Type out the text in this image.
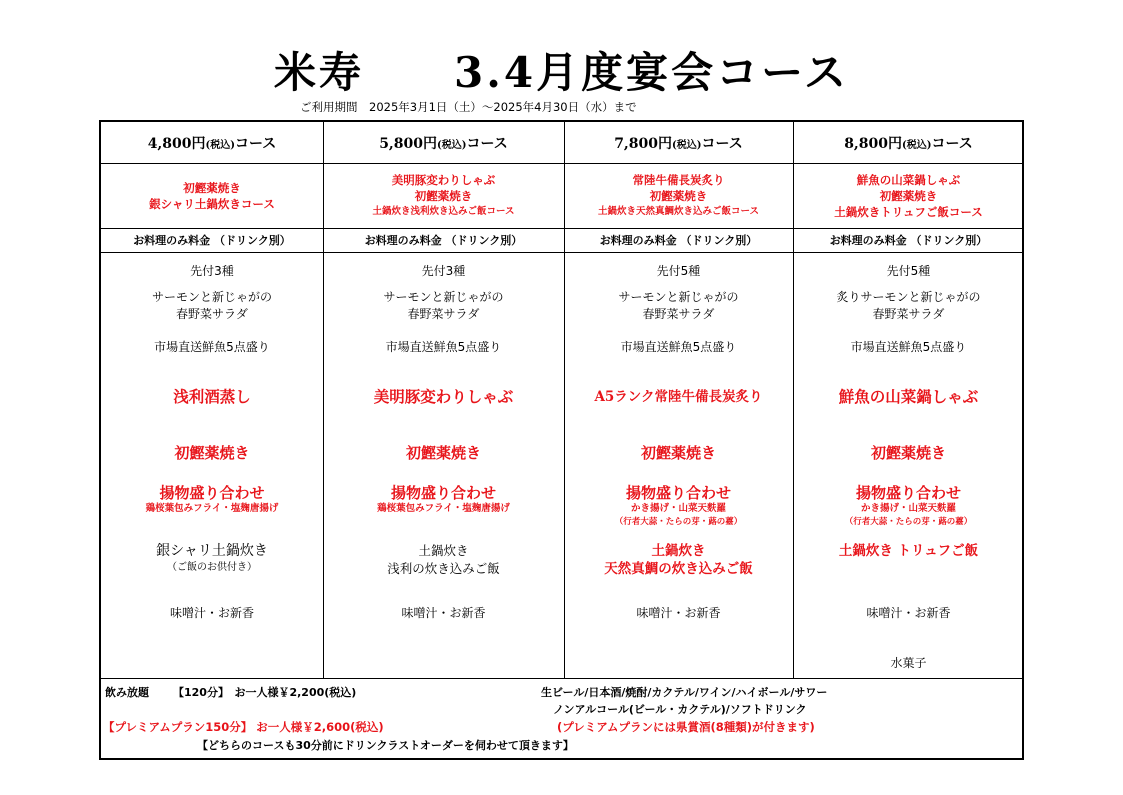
米寿　　3.4月度宴会コース
ご利用期間　2025年3月1日（土）～2025年4月30日（水）まで
4,800円(税込)コース
初鰹薬焼き
銀シャリ土鍋炊きコース
お料理のみ料金 （ドリンク別）
先付3種
サーモンと新じゃがの
春野菜サラダ
市場直送鮮魚5点盛り
浅利酒蒸し
初鰹薬焼き
揚物盛り合わせ
鶏桜葉包みフライ・塩麹唐揚げ
銀シャリ土鍋炊き
（ご飯のお供付き）
味噌汁・お新香
5,800円(税込)コース
美明豚変わりしゃぶ
初鰹薬焼き
土鍋炊き浅利炊き込みご飯コース
お料理のみ料金 （ドリンク別）
先付3種
サーモンと新じゃがの
春野菜サラダ
市場直送鮮魚5点盛り
美明豚変わりしゃぶ
初鰹薬焼き
揚物盛り合わせ
鶏桜葉包みフライ・塩麹唐揚げ
土鍋炊き
浅利の炊き込みご飯
味噌汁・お新香
7,800円(税込)コース
常陸牛備長炭炙り
初鰹薬焼き
土鍋炊き天然真鯛炊き込みご飯コース
お料理のみ料金 （ドリンク別）
先付5種
サーモンと新じゃがの
春野菜サラダ
市場直送鮮魚5点盛り
A5ランク常陸牛備長炭炙り
初鰹薬焼き
揚物盛り合わせ
かき揚げ・山菜天麩羅
（行者大蒜・たらの芽・蕗の薹）
土鍋炊き
天然真鯛の炊き込みご飯
味噌汁・お新香
8,800円(税込)コース
鮮魚の山菜鍋しゃぶ
初鰹薬焼き
土鍋炊きトリュフご飯コース
お料理のみ料金 （ドリンク別）
先付5種
炙りサーモンと新じゃがの
春野菜サラダ
市場直送鮮魚5点盛り
鮮魚の山菜鍋しゃぶ
初鰹薬焼き
揚物盛り合わせ
かき揚げ・山菜天麩羅
（行者大蒜・たらの芽・蕗の薹）
土鍋炊き トリュフご飯
味噌汁・お新香
水菓子
飲み放題 【120分】　お一人様￥2,200(税込)	生ビール/日本酒/焼酎/カクテル/ワイン/ハイボール/サワー
ノンアルコール(ビール・カクテル)/ソフトドリンク
【プレミアムプラン150分】 お一人様￥2,600(税込)	(プレミアムプランには県賞酒(8種類)が付きます)
【どちらのコースも30分前にドリンクラストオーダーを伺わせて頂きます】
